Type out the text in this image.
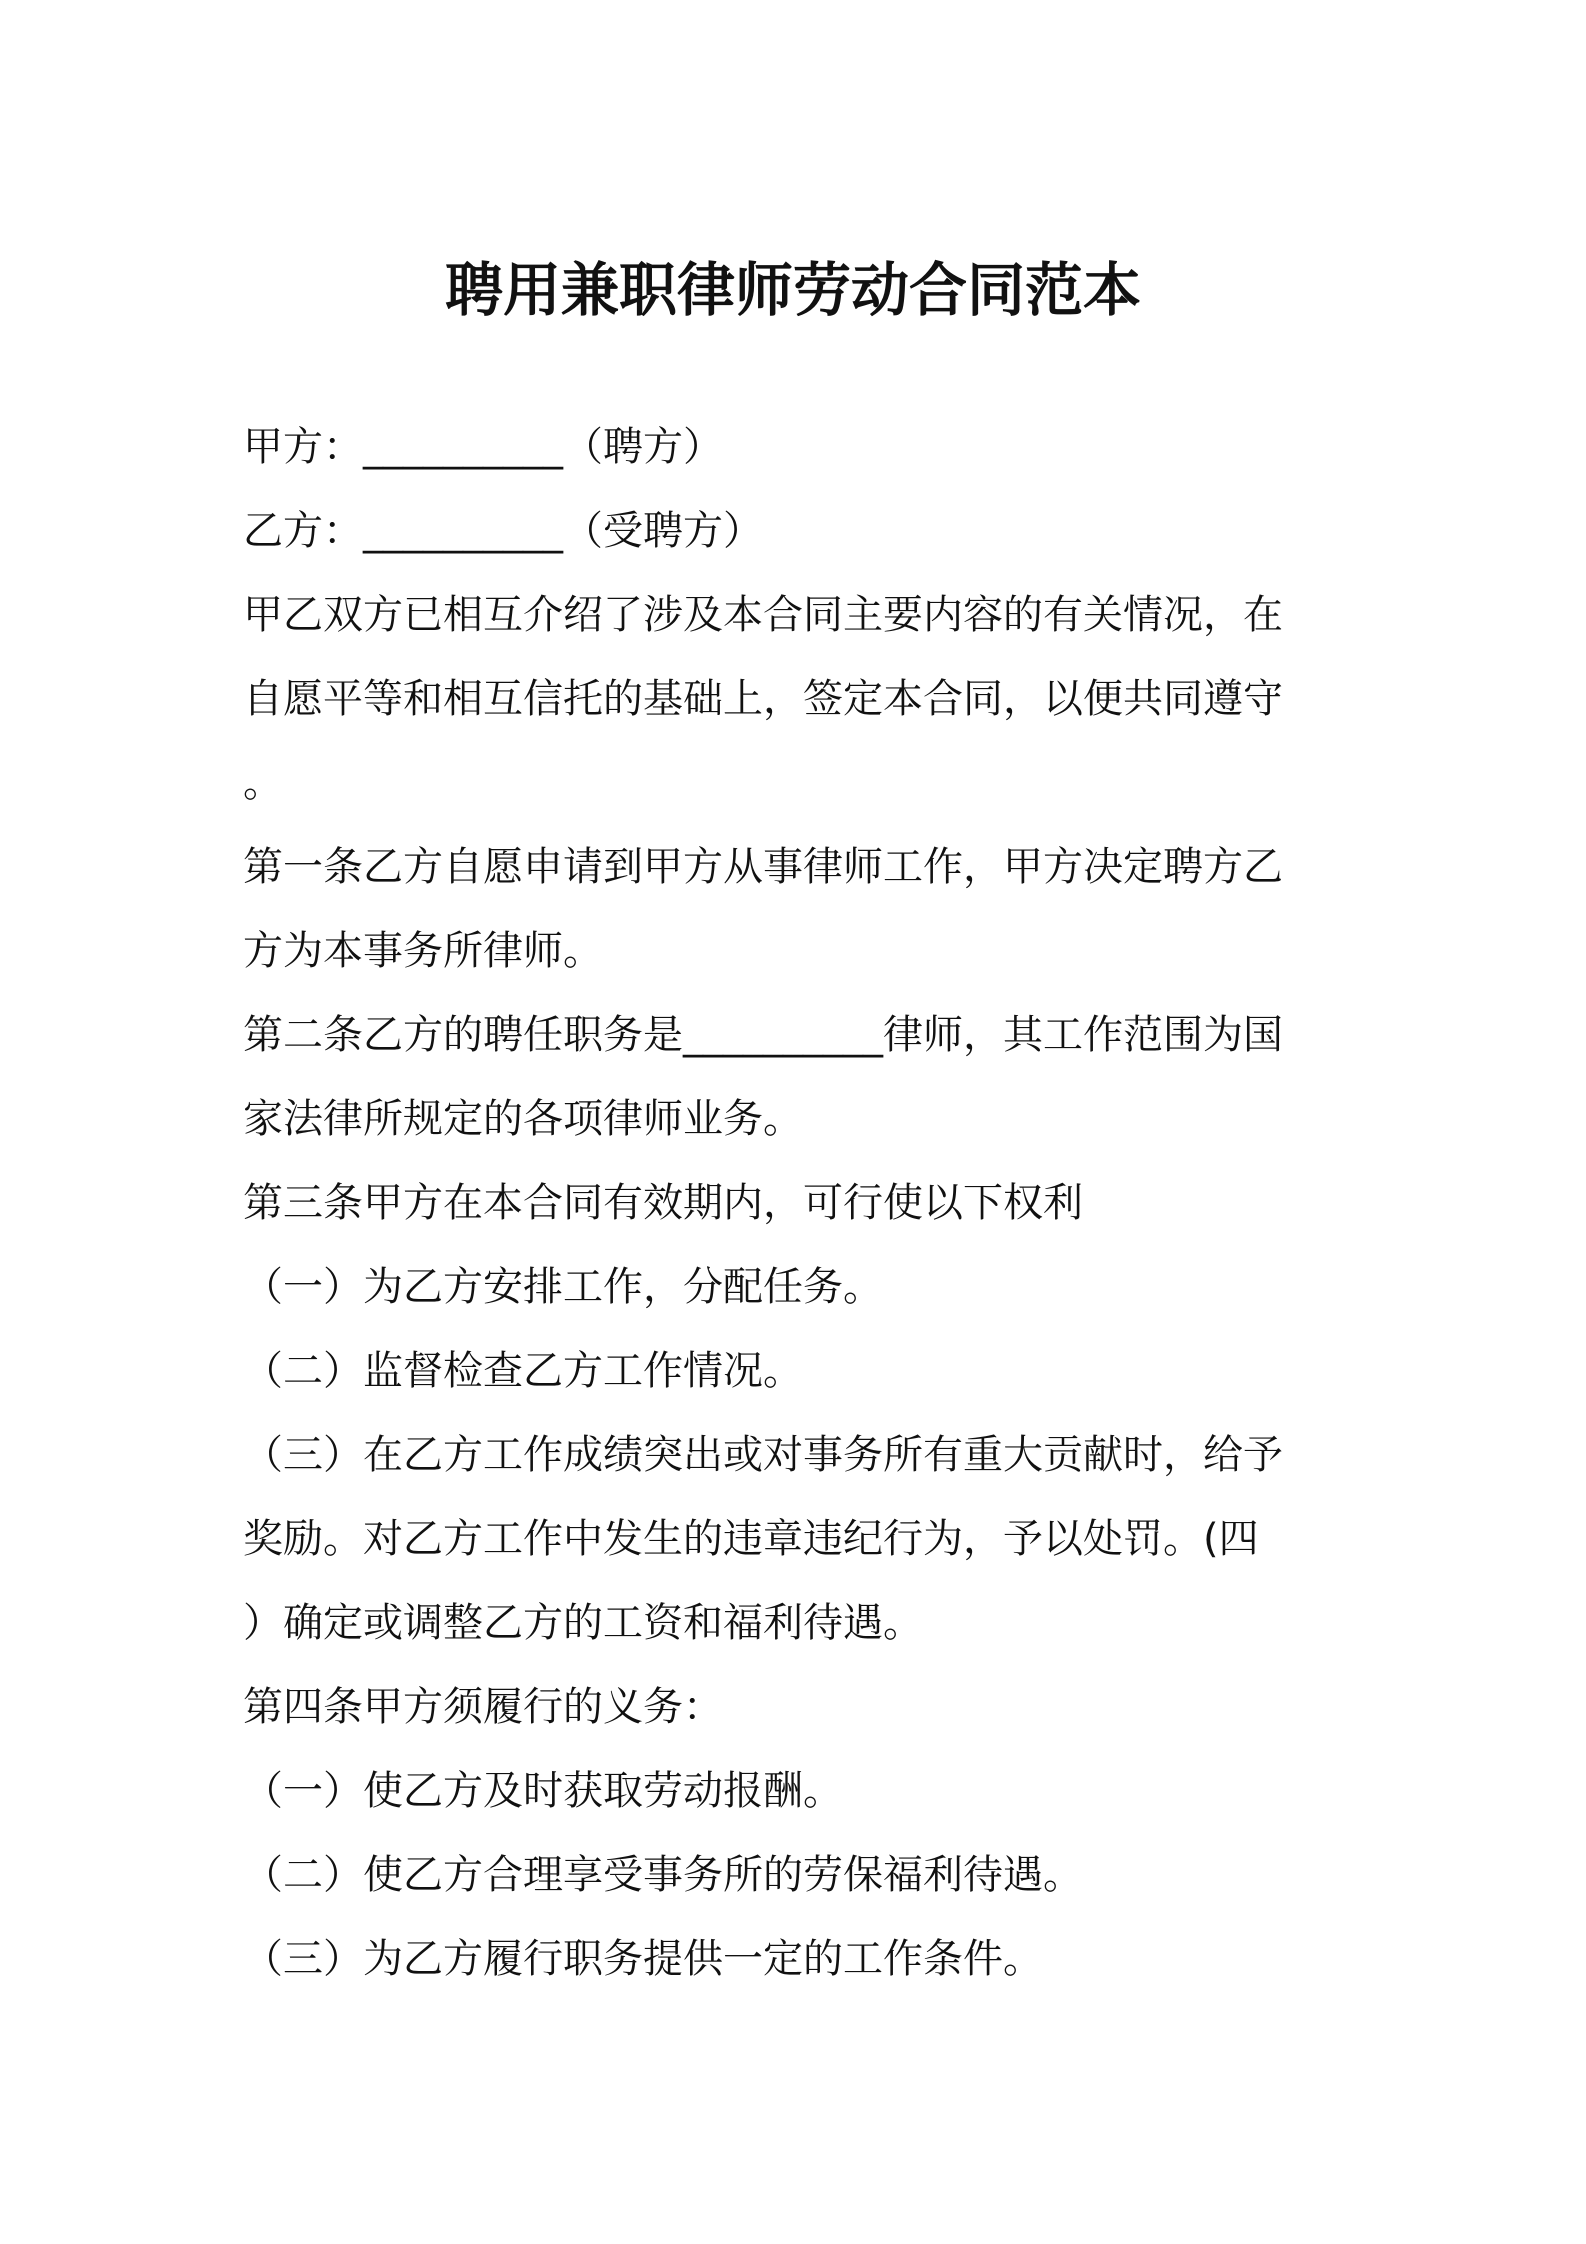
聘用兼职律师劳动合同范本
甲方：__________（聘方）
乙方：__________（受聘方）
甲乙双方已相互介绍了涉及本合同主要内容的有关情况，在
自愿平等和相互信托的基础上，签定本合同，以便共同遵守
。
第一条乙方自愿申请到甲方从事律师工作，甲方决定聘方乙
方为本事务所律师。
第二条乙方的聘任职务是__________律师，其工作范围为国
家法律所规定的各项律师业务。
第三条甲方在本合同有效期内，可行使以下权利
（一）为乙方安排工作，分配任务。
（二）监督检查乙方工作情况。
（三）在乙方工作成绩突出或对事务所有重大贡献时，给予
奖励。对乙方工作中发生的违章违纪行为，予以处罚。(四
）确定或调整乙方的工资和福利待遇。
第四条甲方须履行的义务：
（一）使乙方及时获取劳动报酬。
（二）使乙方合理享受事务所的劳保福利待遇。
（三）为乙方履行职务提供一定的工作条件。
